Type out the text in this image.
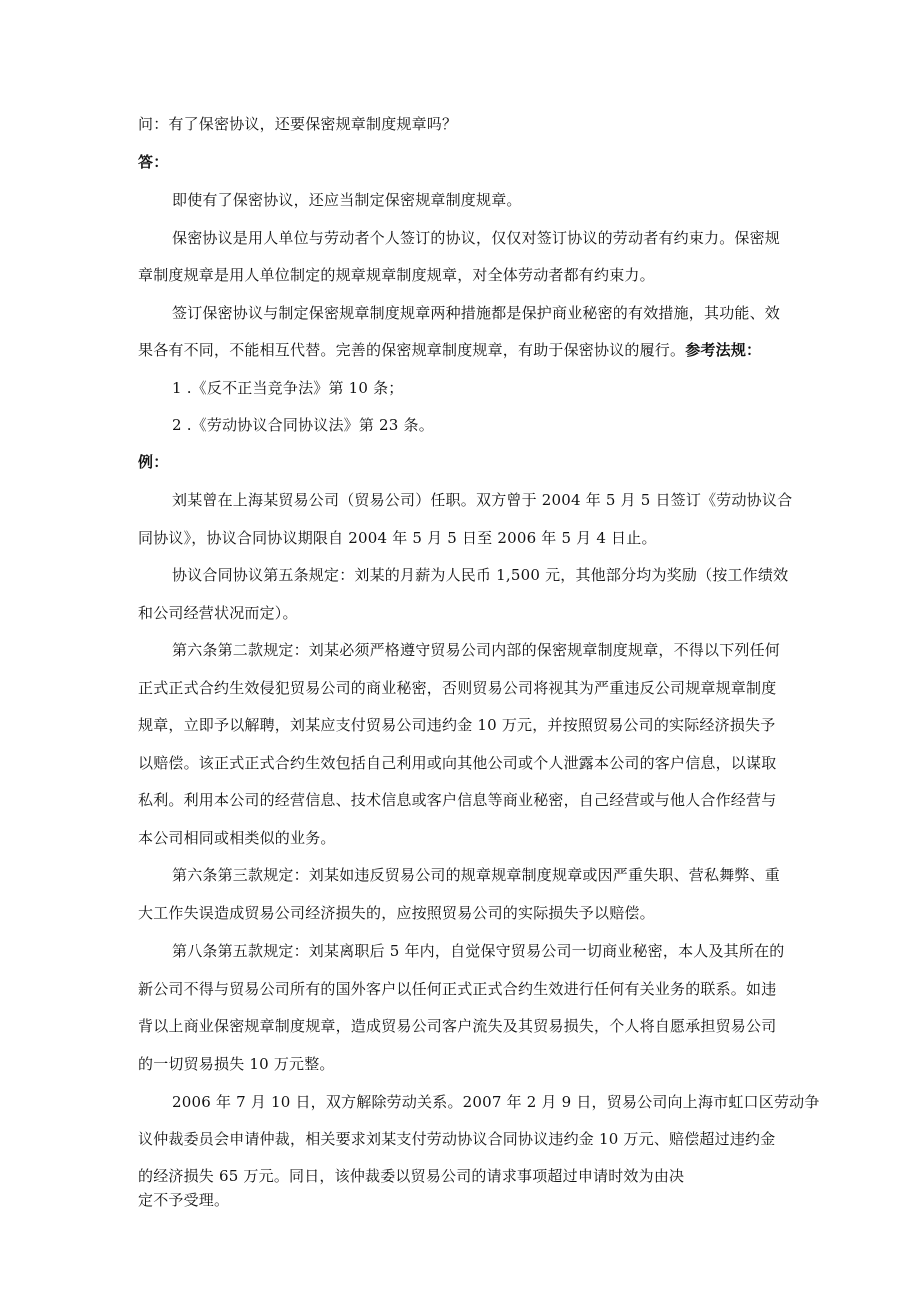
问：有了保密协议，还要保密规章制度规章吗？
答：
即使有了保密协议，还应当制定保密规章制度规章。
保密协议是用人单位与劳动者个人签订的协议，仅仅对签订协议的劳动者有约束力。保密规
章制度规章是用人单位制定的规章规章制度规章，对全体劳动者都有约束力。
签订保密协议与制定保密规章制度规章两种措施都是保护商业秘密的有效措施，其功能、效
果各有不同，不能相互代替。完善的保密规章制度规章，有助于保密协议的履行。参考法规：
1 .《反不正当竞争法》第 10 条；
2 .《劳动协议合同协议法》第 23 条。
例：
刘某曾在上海某贸易公司（贸易公司）任职。双方曾于 2004 年 5 月 5 日签订《劳动协议合
同协议》，协议合同协议期限自 2004 年 5 月 5 日至 2006 年 5 月 4 日止。
协议合同协议第五条规定：刘某的月薪为人民币 1,500 元，其他部分均为奖励（按工作绩效
和公司经营状况而定）。
第六条第二款规定：刘某必须严格遵守贸易公司内部的保密规章制度规章，不得以下列任何
正式正式合约生效侵犯贸易公司的商业秘密，否则贸易公司将视其为严重违反公司规章规章制度
规章，立即予以解聘，刘某应支付贸易公司违约金 10 万元，并按照贸易公司的实际经济损失予
以赔偿。该正式正式合约生效包括自己利用或向其他公司或个人泄露本公司的客户信息，以谋取
私利。利用本公司的经营信息、技术信息或客户信息等商业秘密，自己经营或与他人合作经营与
本公司相同或相类似的业务。
第六条第三款规定：刘某如违反贸易公司的规章规章制度规章或因严重失职、营私舞弊、重
大工作失误造成贸易公司经济损失的，应按照贸易公司的实际损失予以赔偿。
第八条第五款规定：刘某离职后 5 年内，自觉保守贸易公司一切商业秘密，本人及其所在的
新公司不得与贸易公司所有的国外客户以任何正式正式合约生效进行任何有关业务的联系。如违
背以上商业保密规章制度规章，造成贸易公司客户流失及其贸易损失，个人将自愿承担贸易公司
的一切贸易损失 10 万元整。
2006 年 7 月 10 日，双方解除劳动关系。2007 年 2 月 9 日，贸易公司向上海市虹口区劳动争
议仲裁委员会申请仲裁，相关要求刘某支付劳动协议合同协议违约金 10 万元、赔偿超过违约金
的经济损失 65 万元。同日，该仲裁委以贸易公司的请求事项超过申请时效为由决
定不予受理。
